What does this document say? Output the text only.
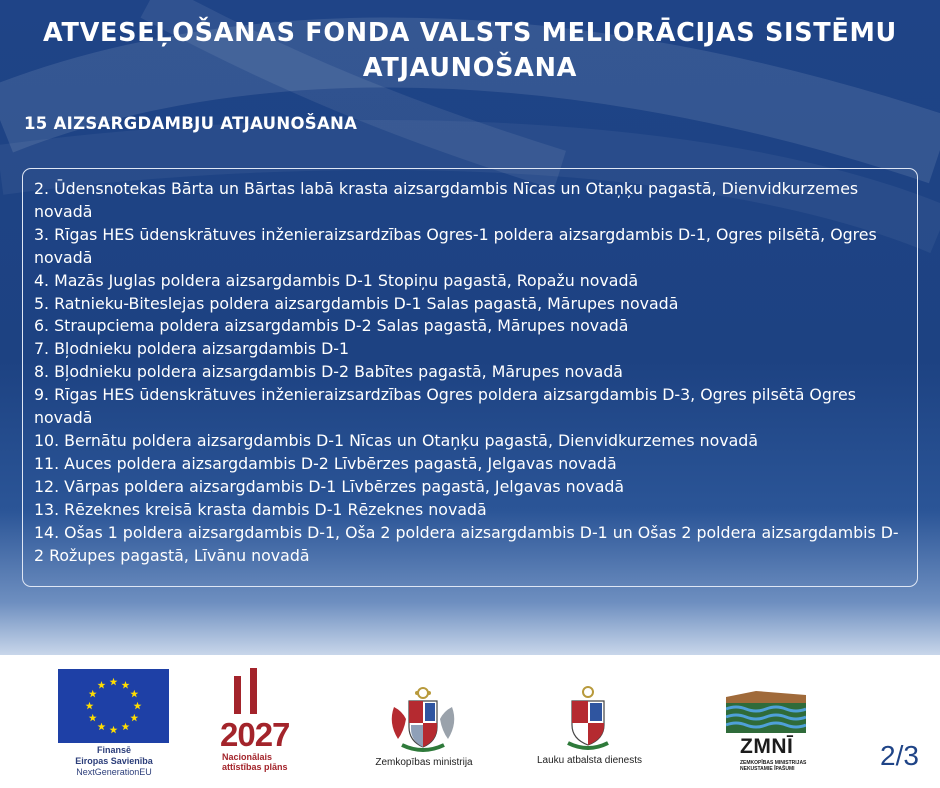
ATVESEĻOŠANAS FONDA VALSTS MELIORĀCIJAS SISTĒMU
ATJAUNOŠANA
15 AIZSARGDAMBJU ATJAUNOŠANA
2. Ūdensnotekas Bārta un Bārtas labā krasta aizsargdambis Nīcas un Otaņķu pagastā, Dienvidkurzemes novadā
3. Rīgas HES ūdenskrātuves inženieraizsardzības Ogres-1 poldera aizsargdambis D-1, Ogres pilsētā, Ogres novadā
4. Mazās Juglas poldera aizsargdambis D-1 Stopiņu pagastā, Ropažu novadā
5. Ratnieku-Biteslejas poldera aizsargdambis D-1 Salas pagastā, Mārupes novadā
6. Straupciema poldera aizsargdambis D-2 Salas pagastā, Mārupes novadā
7. Bļodnieku poldera aizsargdambis D-1
8. Bļodnieku poldera aizsargdambis D-2 Babītes pagastā, Mārupes novadā
9. Rīgas HES ūdenskrātuves inženieraizsardzības Ogres poldera aizsargdambis D-3, Ogres pilsētā Ogres novadā
10. Bernātu poldera aizsargdambis D-1 Nīcas un Otaņķu pagastā, Dienvidkurzemes novadā
11. Auces poldera aizsargdambis D-2 Līvbērzes pagastā, Jelgavas novadā
12. Vārpas poldera aizsargdambis D-1 Līvbērzes pagastā, Jelgavas novadā
13. Rēzeknes kreisā krasta dambis D-1 Rēzeknes novadā
14. Ošas 1 poldera aizsargdambis D-1, Oša 2 poldera aizsargdambis D-1 un Ošas 2 poldera aizsargdambis D-2 Rožupes pagastā, Līvānu novadā
Finansē
Eiropas Savienība
NextGenerationEU
2027
Nacionālais
attīstības plāns	Zemkopības ministrija	Lauku atbalsta dienests
ZMNĪ
ZEMKOPĪBAS MINISTRIJAS
NEKUSTAMIE ĪPAŠUMI	2/3
